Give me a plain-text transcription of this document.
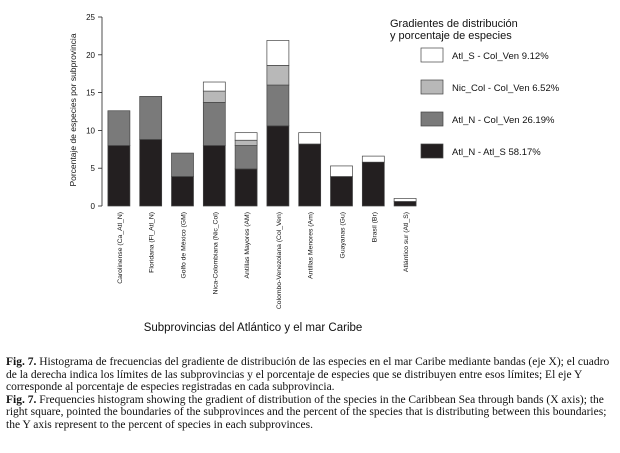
0
5
10
15
20
25
Carolinense (Ca_Atl_N)	Floridana (Fl_Atl_N)	Golfo de México (GM)	Nica-Colombiana (Nic_Col)	Antillas Mayores (AM)	Colombo-Venezolana (Col_Ven)	Antillas Menores (Am)	Guayanas (Gu)	Brasil (Br)	Atlántico sur (Atl_S)
Porcentaje de especies por subprovincia
Subprovincias del Atlántico y el mar Caribe
Gradientes de distribución y porcentaje de especies
Atl_S - Col_Ven 9.12%
Nic_Col - Col_Ven 6.52%
Atl_N - Col_Ven 26.19%
Atl_N - Atl_S 58.17%

Fig. 7. Histograma de frecuencias del gradiente de distribución de las especies en el mar Caribe mediante bandas (eje X); el cuadro de la derecha indica los límites de las subprovincias y el porcentaje de especies que se distribuyen entre esos límites; El eje Y corresponde al porcentaje de especies registradas en cada subprovincia.

Fig. 7. Frequencies histogram showing the gradient of distribution of the species in the Caribbean Sea through bands (X axis); the right square, pointed the boundaries of the subprovinces and the percent of the species that is distributing between this boundaries; the Y axis represent to the percent of species in each subprovinces.
